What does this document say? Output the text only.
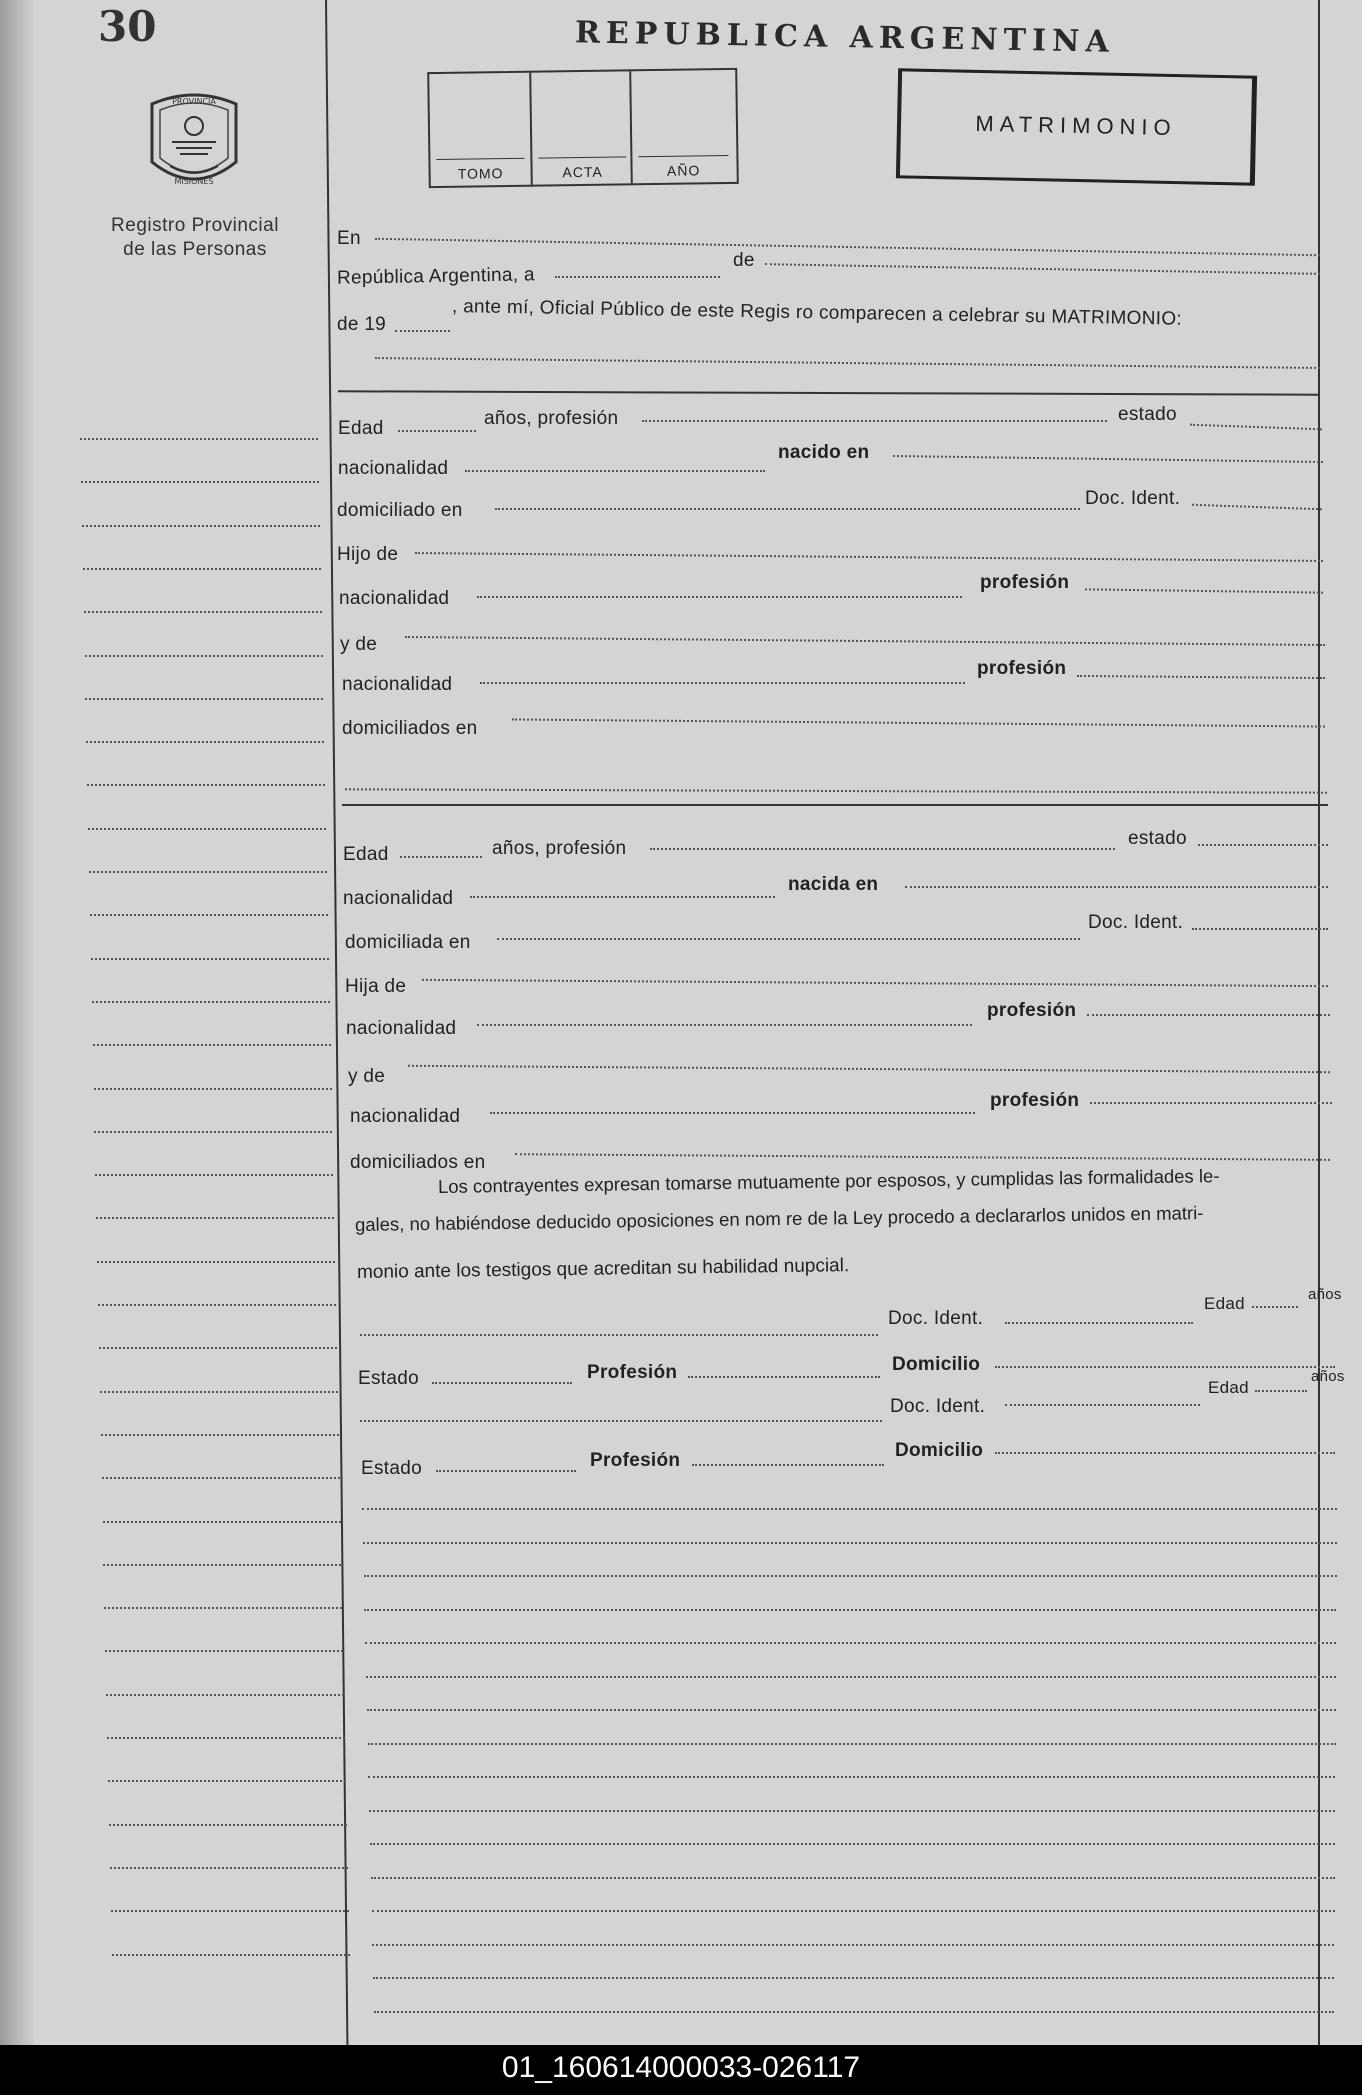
30
PROVINCIA
MISIONES
Registro Provincial
de las Personas
REPUBLICA ARGENTINA
TOMO	ACTA	AÑO
MATRIMONIO
En
República Argentina, a
de
de 19	, ante mí, Oficial Público de este Regis ro comparecen a celebrar su MATRIMONIO:
Edad	años, profesión	estado
nacionalidad
nacido en
domiciliado en
Doc. Ident.
Hijo de
nacionalidad
profesión
y de
nacionalidad
profesión
domiciliados en
Edad	años, profesión	estado
nacionalidad
nacida en
domiciliada en
Doc. Ident.
Hija de
nacionalidad
profesión
y de
nacionalidad
profesión
domiciliados en
Los contrayentes expresan tomarse mutuamente por esposos, y cumplidas las formalidades le-
gales, no habiéndose deducido oposiciones en nom re de la Ley procedo a declararlos unidos en matri-
monio ante los testigos que acreditan su habilidad nupcial.
Doc. Ident.
Edad	años
Estado	Profesión	Domicilio
Doc. Ident.
Edad
años
Estado	Profesión	Domicilio
01_160614000033-026117
